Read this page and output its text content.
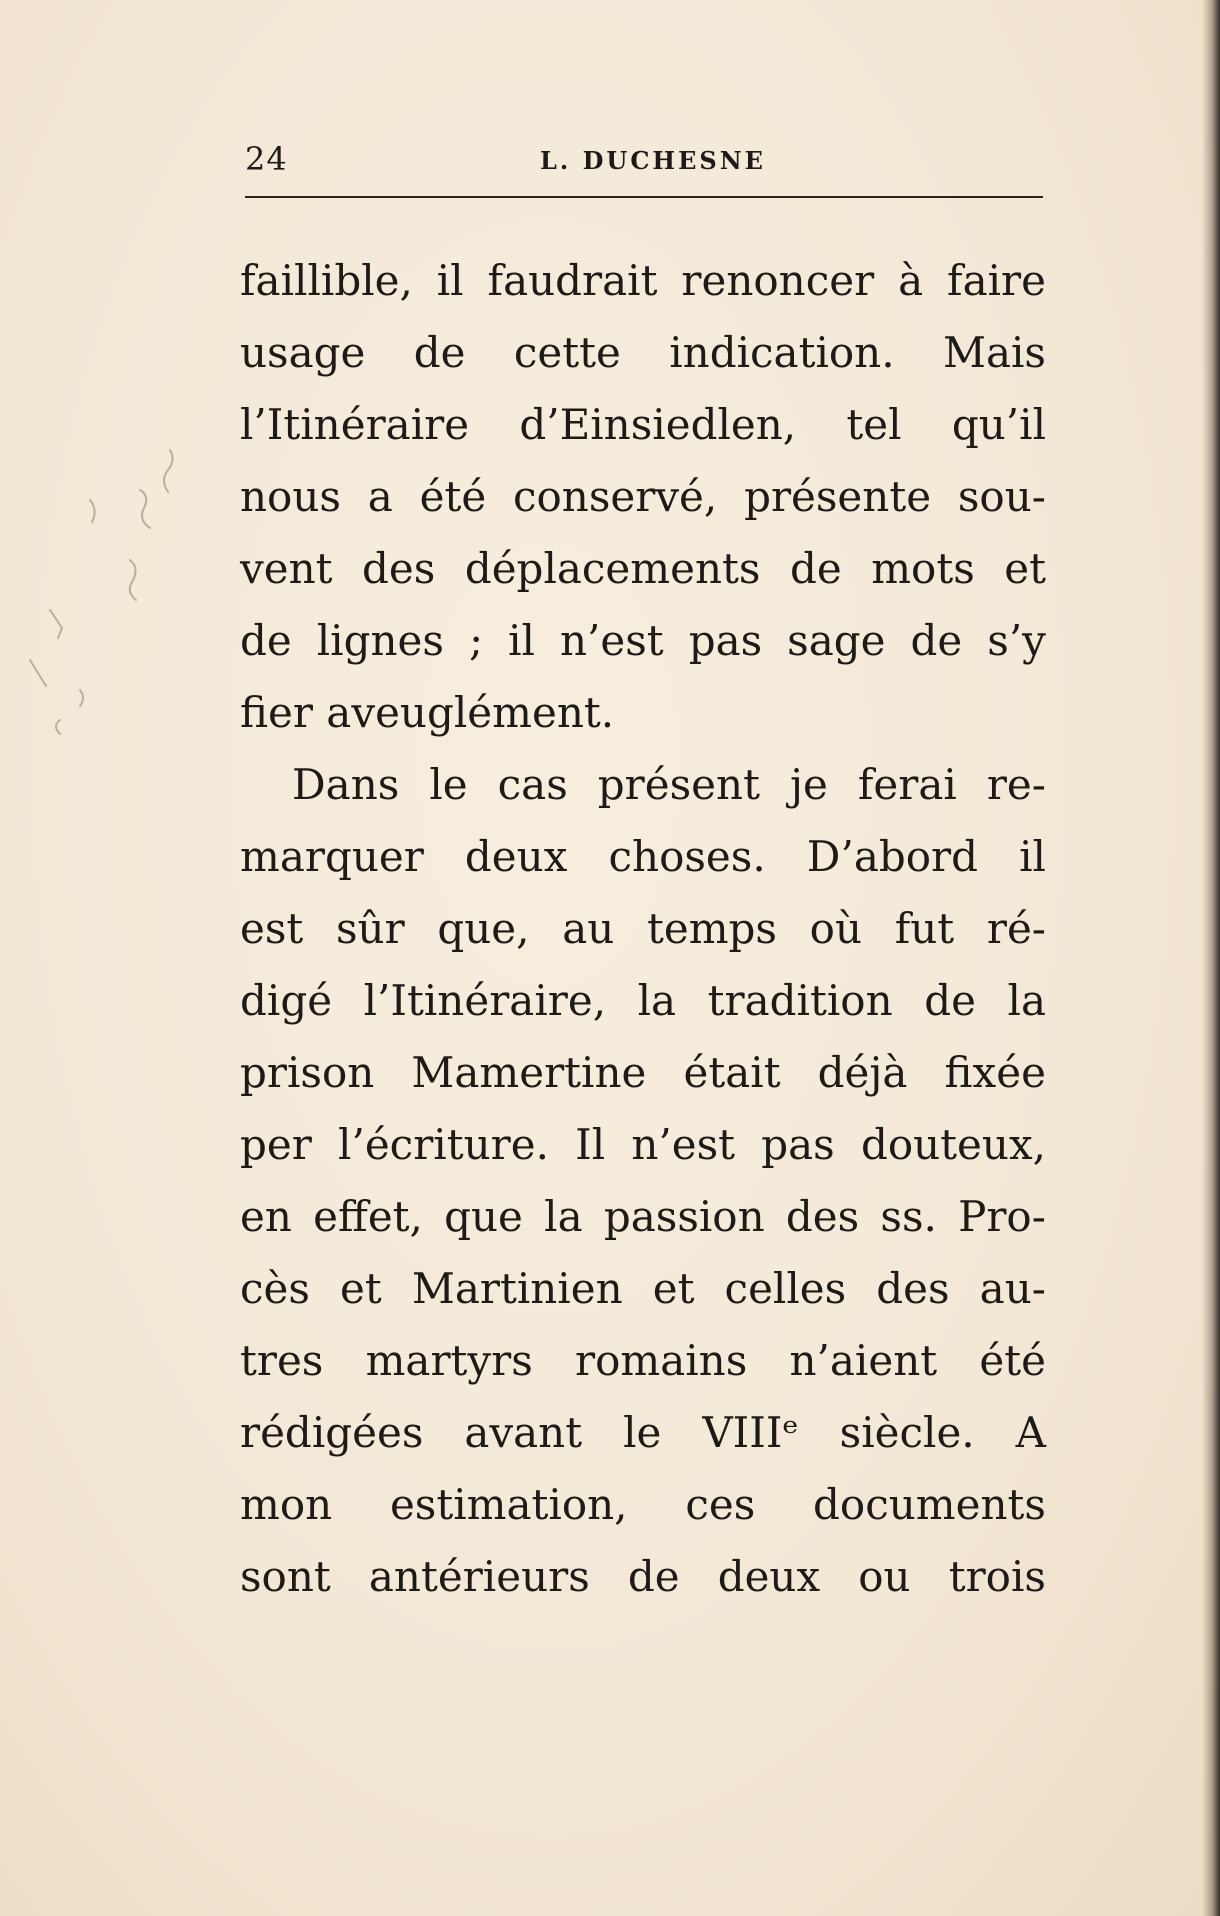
24	L. DUCHESNE
faillible, il faudrait renoncer à faire
usage de cette indication. Mais
l’Itinéraire d’Einsiedlen, tel qu’il
nous a été conservé, présente sou-
vent des déplacements de mots et
de lignes ; il n’est pas sage de s’y
fier aveuglément.
Dans le cas présent je ferai re-
marquer deux choses. D’abord il
est sûr que, au temps où fut ré-
digé l’Itinéraire, la tradition de la
prison Mamertine était déjà fixée
per l’écriture. Il n’est pas douteux,
en effet, que la passion des ss. Pro-
cès et Martinien et celles des au-
tres martyrs romains n’aient été
rédigées avant le VIIIᵉ siècle. A
mon estimation, ces documents
sont antérieurs de deux ou trois
